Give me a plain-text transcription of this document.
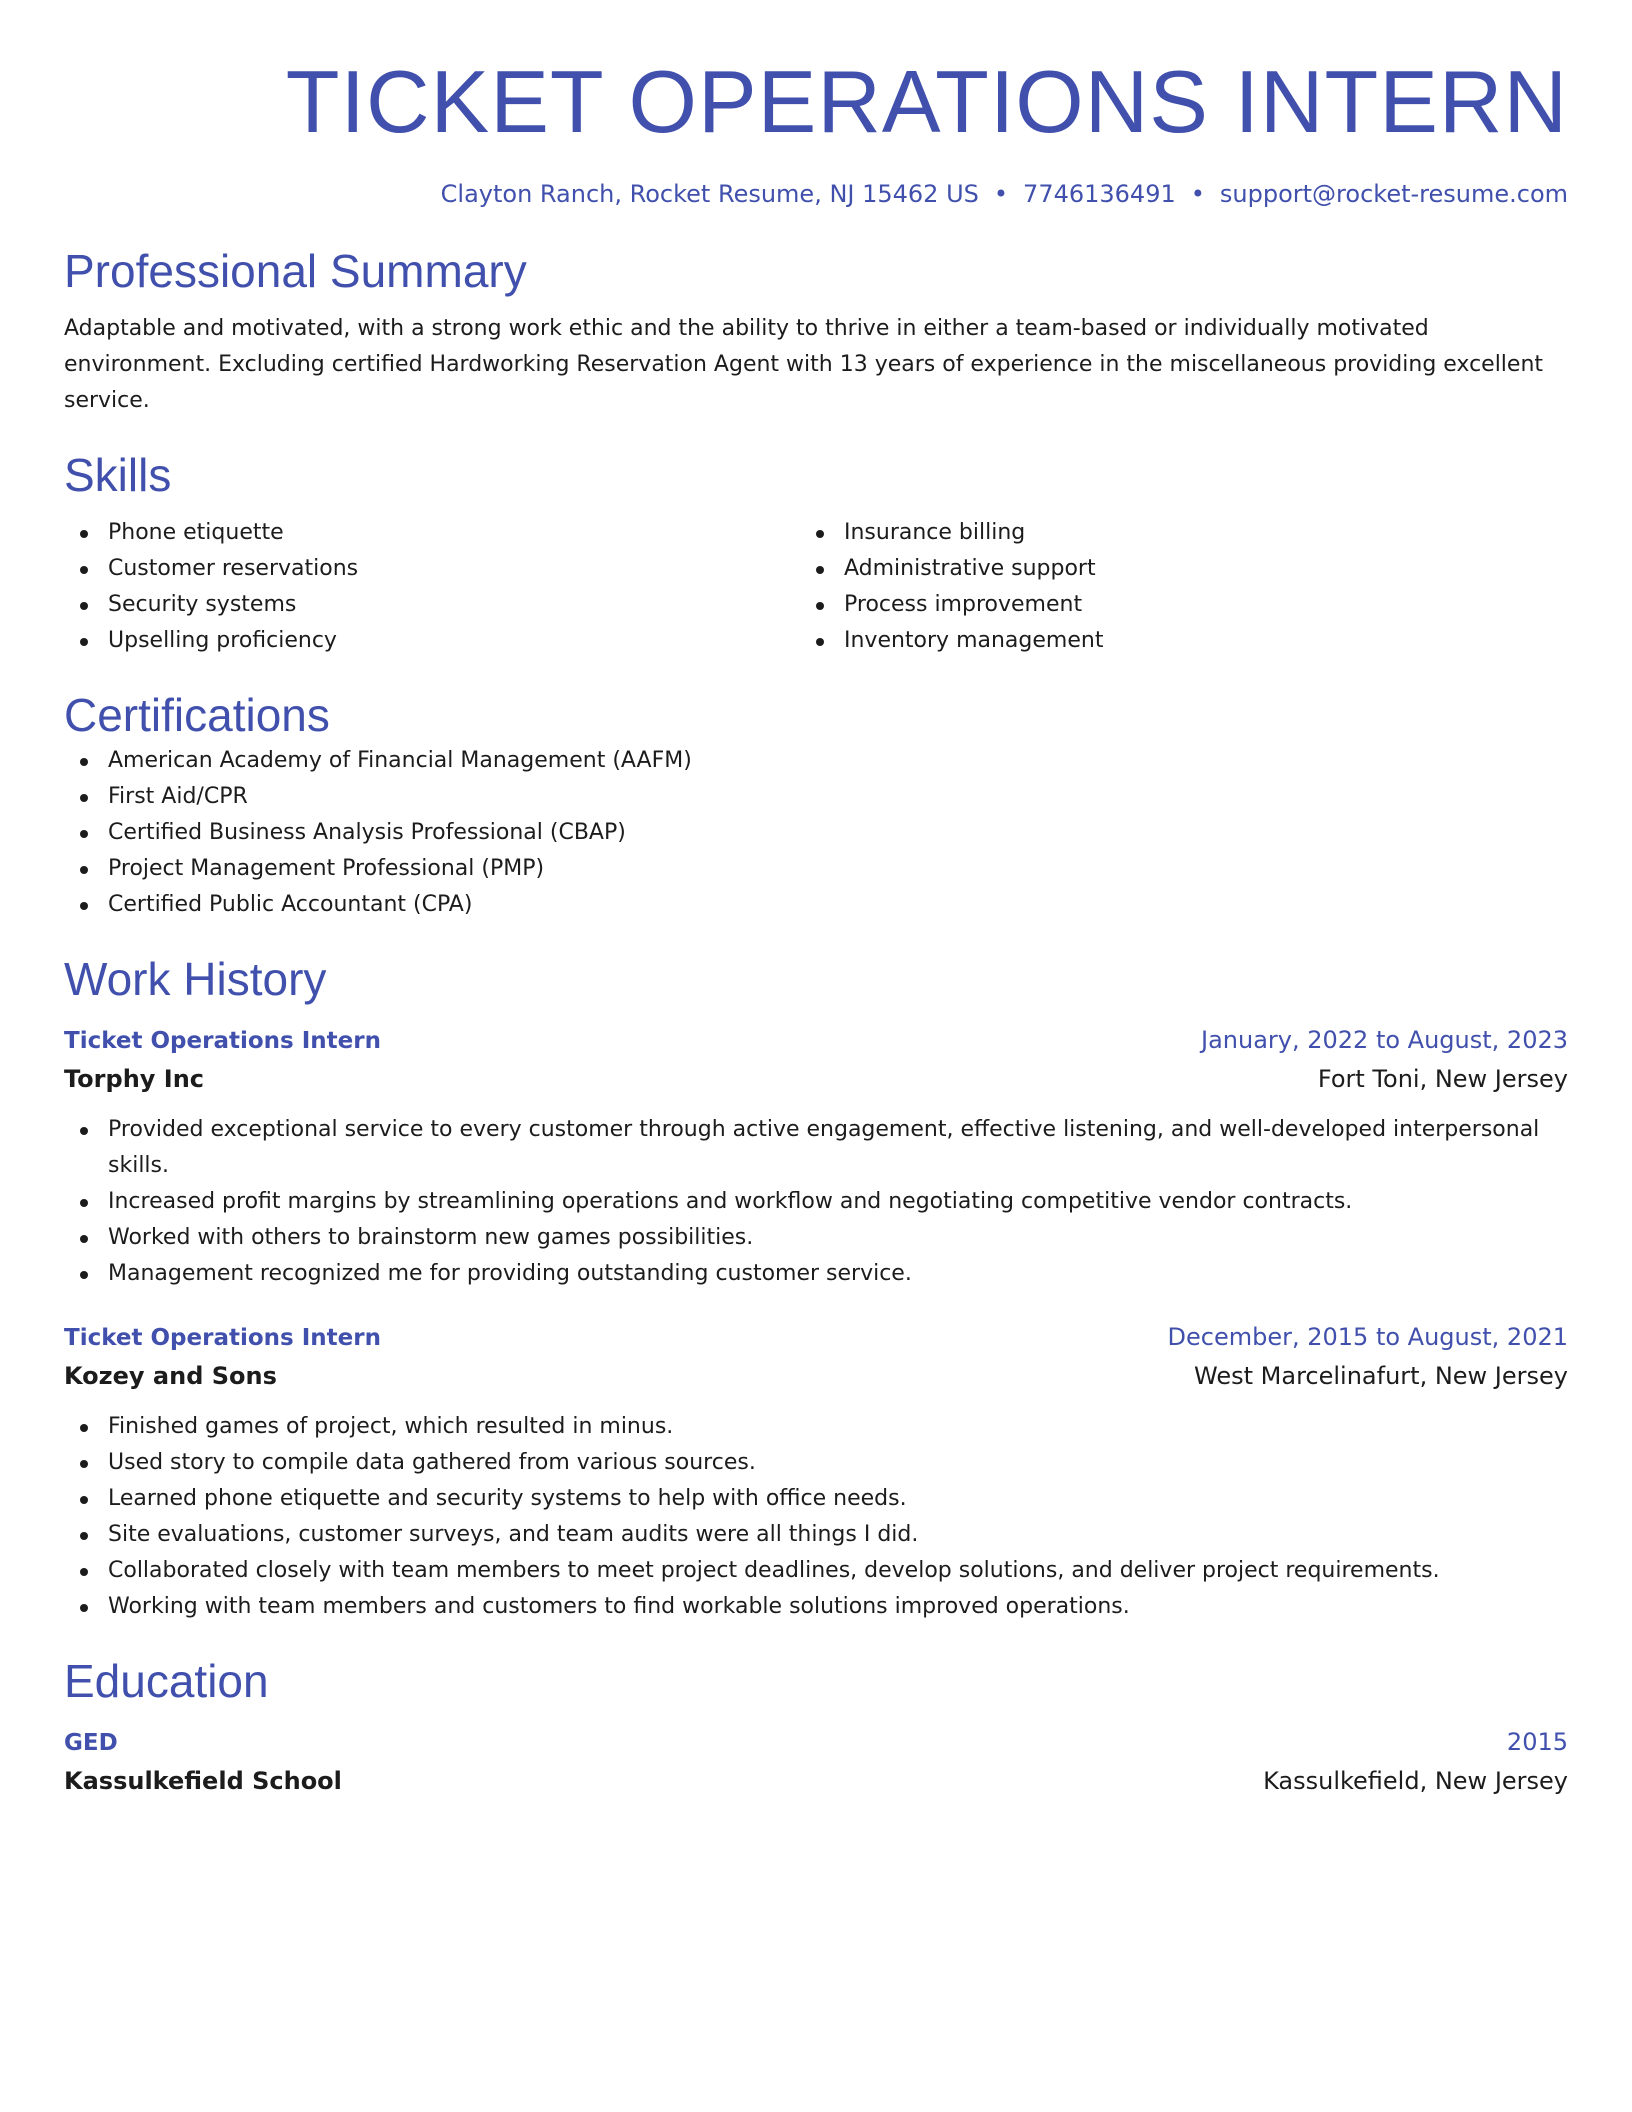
TICKET OPERATIONS INTERN
Clayton Ranch, Rocket Resume, NJ 15462 US • 7746136491 • support@rocket-resume.com
Professional Summary
Adaptable and motivated, with a strong work ethic and the ability to thrive in either a team-based or individually motivated environment. Excluding certified Hardworking Reservation Agent with 13 years of experience in the miscellaneous providing excellent service.
Skills
Phone etiquette
Customer reservations
Security systems
Upselling proficiency
Insurance billing
Administrative support
Process improvement
Inventory management
Certifications
American Academy of Financial Management (AAFM)
First Aid/CPR
Certified Business Analysis Professional (CBAP)
Project Management Professional (PMP)
Certified Public Accountant (CPA)
Work History
Ticket Operations Intern	January, 2022 to August, 2023
Torphy Inc	Fort Toni, New Jersey
Provided exceptional service to every customer through active engagement, effective listening, and well-developed interpersonal skills.
Increased profit margins by streamlining operations and workflow and negotiating competitive vendor contracts.
Worked with others to brainstorm new games possibilities.
Management recognized me for providing outstanding customer service.
Ticket Operations Intern	December, 2015 to August, 2021
Kozey and Sons	West Marcelinafurt, New Jersey
Finished games of project, which resulted in minus.
Used story to compile data gathered from various sources.
Learned phone etiquette and security systems to help with office needs.
Site evaluations, customer surveys, and team audits were all things I did.
Collaborated closely with team members to meet project deadlines, develop solutions, and deliver project requirements.
Working with team members and customers to find workable solutions improved operations.
Education
GED	2015
Kassulkefield School	Kassulkefield, New Jersey
